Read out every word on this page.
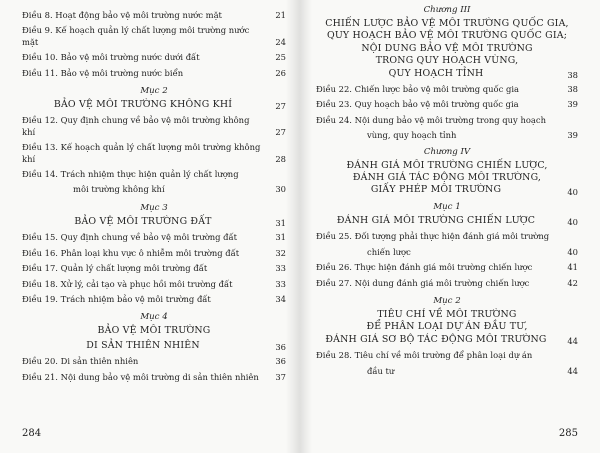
Điều 8. Hoạt động bảo vệ môi trường nước mặt	21
Điều 9. Kế hoạch quản lý chất lượng môi trường nước mặt	24
Điều 10. Bảo vệ môi trường nước dưới đất	25
Điều 11. Bảo vệ môi trường nước biển	26
Mục 2
BẢO VỆ MÔI TRƯỜNG KHÔNG KHÍ	27
Điều 12. Quy định chung về bảo vệ môi trường không khí	27
Điều 13. Kế hoạch quản lý chất lượng môi trường không khí	28
Điều 14. Trách nhiệm thực hiện quản lý chất lượng
môi trường không khí	30
Mục 3
BẢO VỆ MÔI TRƯỜNG ĐẤT	31
Điều 15. Quy định chung về bảo vệ môi trường đất	31
Điều 16. Phân loại khu vực ô nhiễm môi trường đất	32
Điều 17. Quản lý chất lượng môi trường đất	33
Điều 18. Xử lý, cải tạo và phục hồi môi trường đất	33
Điều 19. Trách nhiệm bảo vệ môi trường đất	34
Mục 4
BẢO VỆ MÔI TRƯỜNG
DI SẢN THIÊN NHIÊN	36
Điều 20. Di sản thiên nhiên	36
Điều 21. Nội dung bảo vệ môi trường di sản thiên nhiên	37
284
Chương III
CHIẾN LƯỢC BẢO VỆ MÔI TRƯỜNG QUỐC GIA,
QUY HOẠCH BẢO VỆ MÔI TRƯỜNG QUỐC GIA;
NỘI DUNG BẢO VỆ MÔI TRƯỜNG
TRONG QUY HOẠCH VÙNG,
QUY HOẠCH TỈNH	38
Điều 22. Chiến lược bảo vệ môi trường quốc gia	38
Điều 23. Quy hoạch bảo vệ môi trường quốc gia	39
Điều 24. Nội dung bảo vệ môi trường trong quy hoạch
vùng, quy hoạch tỉnh	39
Chương IV
ĐÁNH GIÁ MÔI TRƯỜNG CHIẾN LƯỢC,
ĐÁNH GIÁ TÁC ĐỘNG MÔI TRƯỜNG,
GIẤY PHÉP MÔI TRƯỜNG	40
Mục 1
ĐÁNH GIÁ MÔI TRƯỜNG CHIẾN LƯỢC	40
Điều 25. Đối tượng phải thực hiện đánh giá môi trường
chiến lược	40
Điều 26. Thực hiện đánh giá môi trường chiến lược	41
Điều 27. Nội dung đánh giá môi trường chiến lược	42
Mục 2
TIÊU CHÍ VỀ MÔI TRƯỜNG
ĐỂ PHÂN LOẠI DỰ ÁN ĐẦU TƯ,
ĐÁNH GIÁ SƠ BỘ TÁC ĐỘNG MÔI TRƯỜNG	44
Điều 28. Tiêu chí về môi trường để phân loại dự án
đầu tư	44
285
